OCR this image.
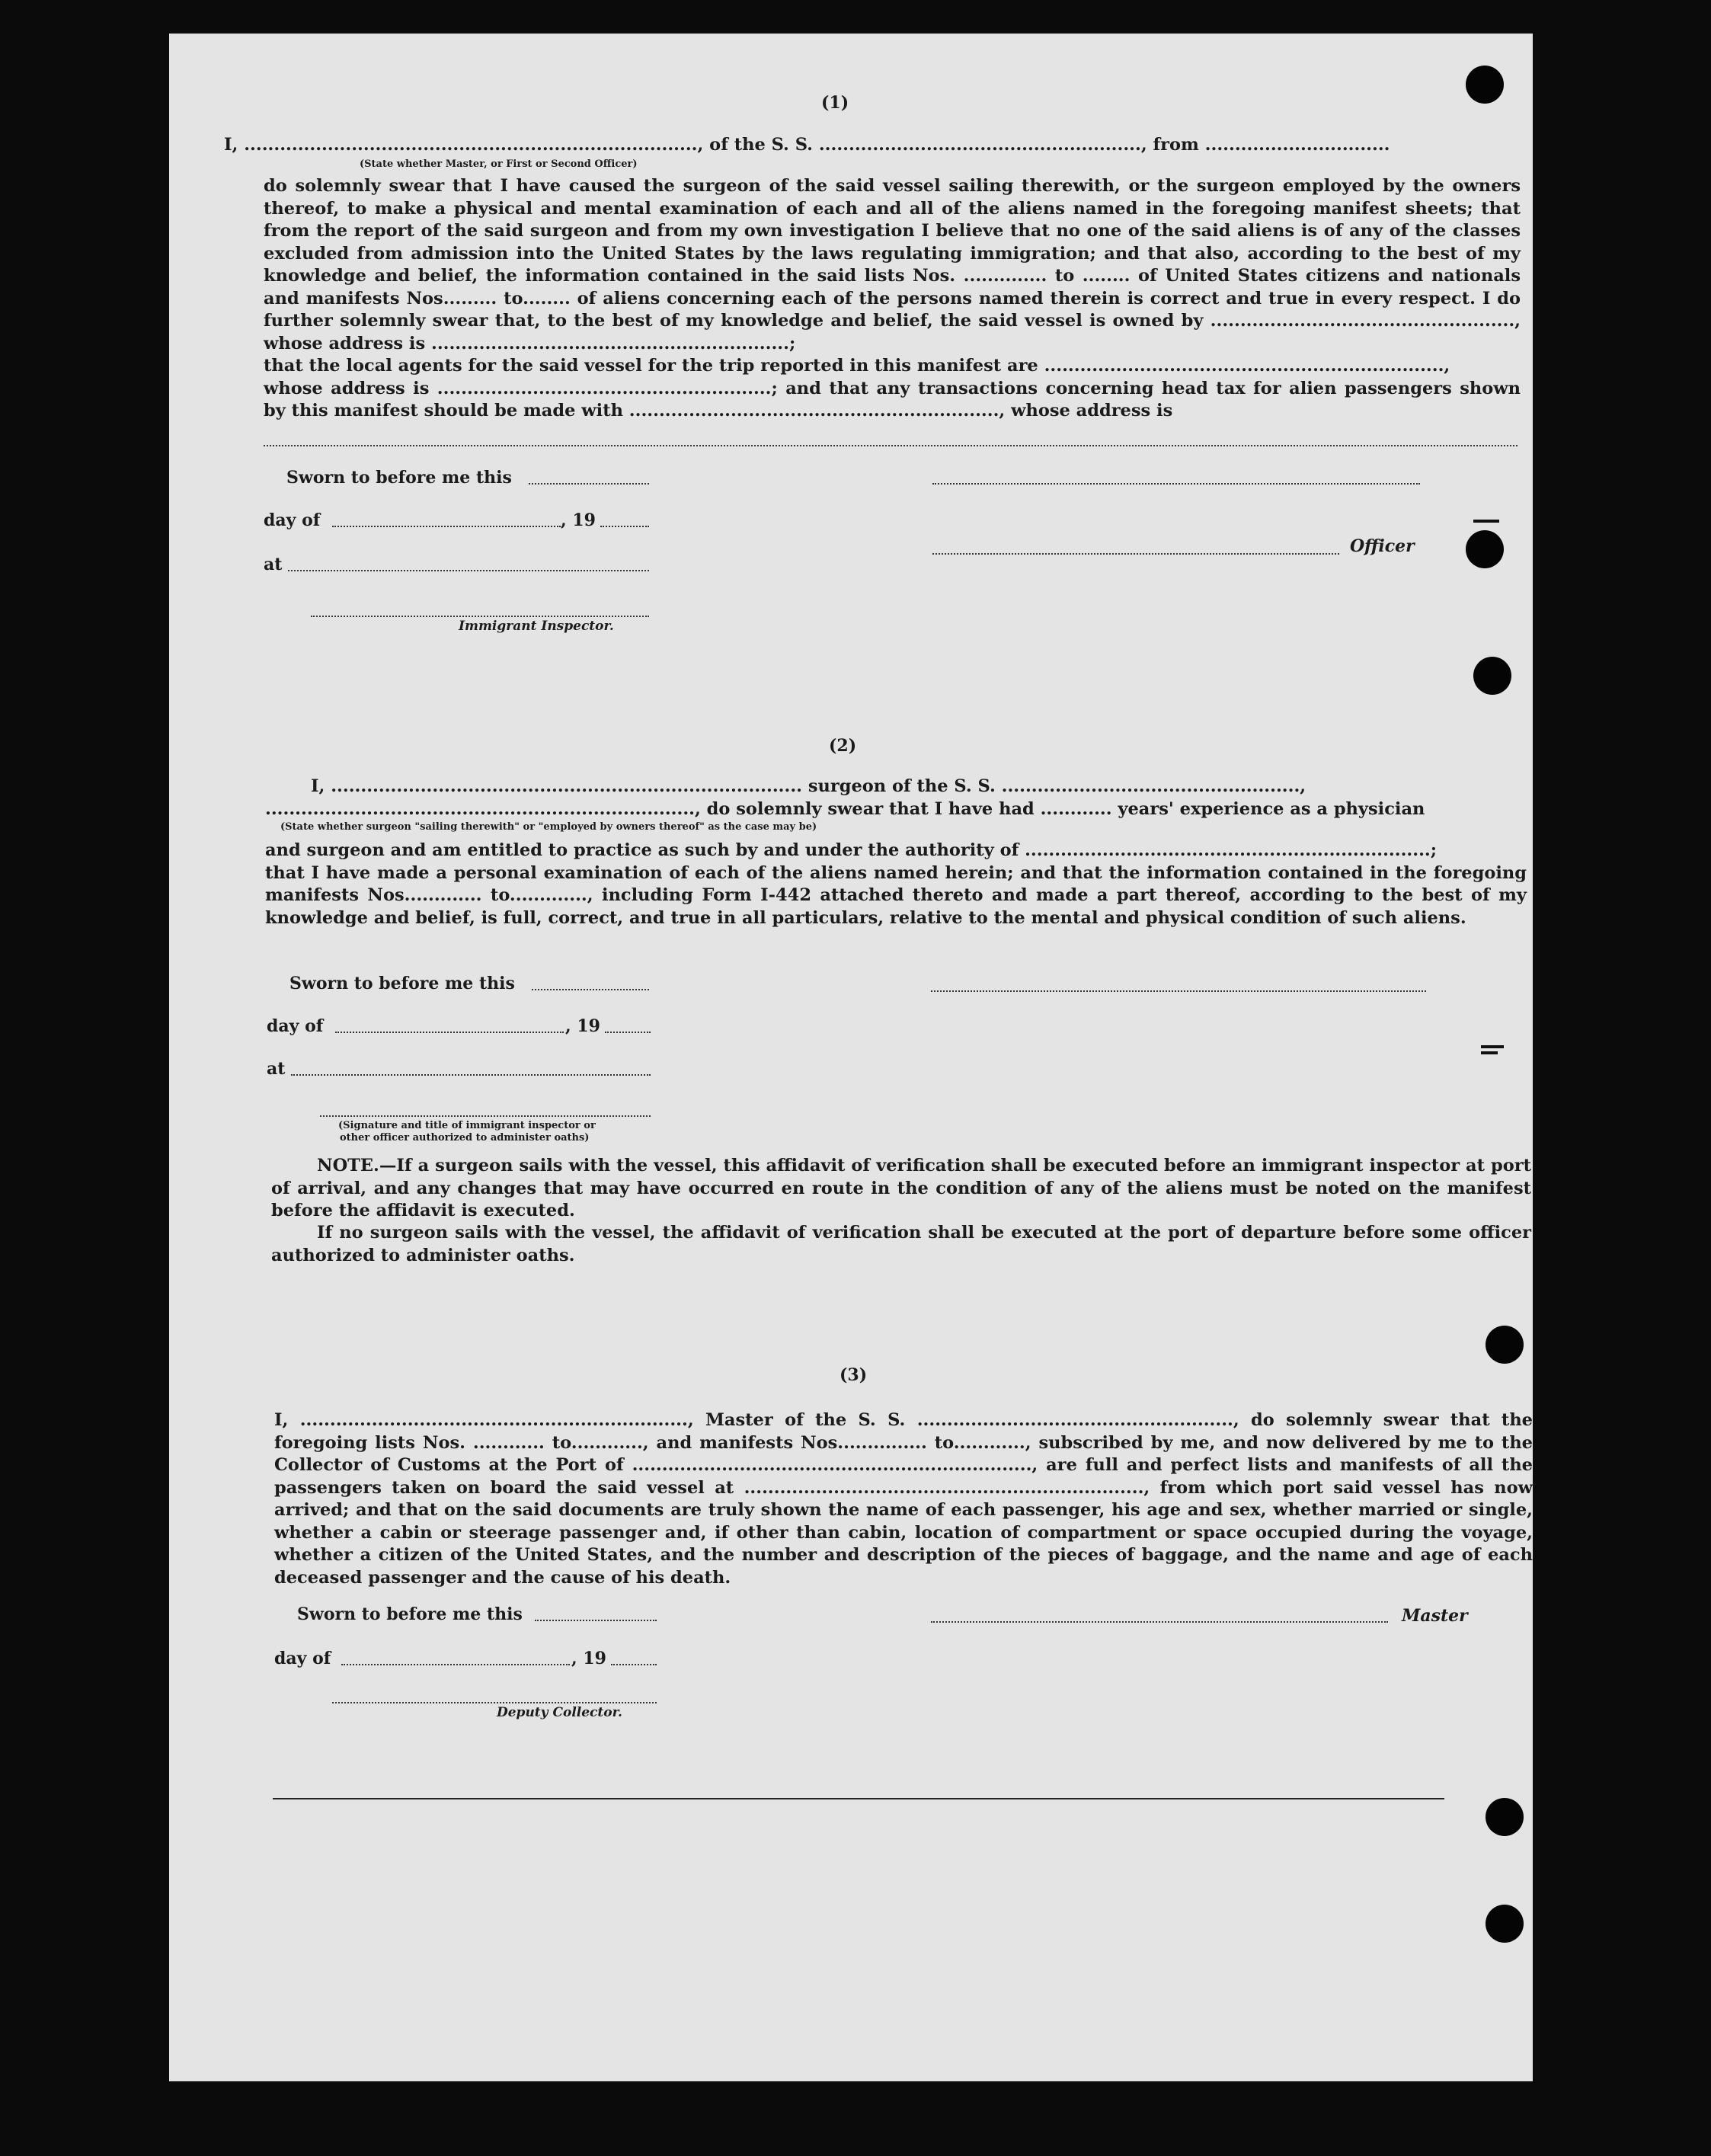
(1)
I, ............................................................................, of the S. S. ......................................................, from ...............................
(State whether Master, or First or Second Officer)
do solemnly swear that I have caused the surgeon of the said vessel sailing therewith, or the surgeon employed by the owners thereof, to make a physical and mental examination of each and all of the aliens named in the foregoing manifest sheets; that from the report of the said surgeon and from my own investigation I believe that no one of the said aliens is of any of the classes excluded from admission into the United States by the laws regulating immigration; and that also, according to the best of my knowledge and belief, the information contained in the said lists Nos. .............. to ........ of United States citizens and nationals and manifests Nos......... to........ of aliens concerning each of the persons named therein is correct and true in every respect. I do further solemnly swear that, to the best of my knowledge and belief, the said vessel is owned by ..................................................., whose address is ............................................................;
that the local agents for the said vessel for the trip reported in this manifest are ...................................................................,
whose address is ........................................................; and that any transactions concerning head tax for alien passengers shown by this manifest should be made with .............................................................., whose address is
Sworn to before me this
day of	, 19
Officer
at
Immigrant Inspector.
(2)
I, ............................................................................... surgeon of the S. S. ..................................................,
........................................................................, do solemnly swear that I have had ............ years' experience as a physician
(State whether surgeon "sailing therewith" or "employed by owners thereof" as the case may be)
and surgeon and am entitled to practice as such by and under the authority of ....................................................................;
that I have made a personal examination of each of the aliens named herein; and that the information contained in the foregoing manifests Nos............. to............., including Form I-442 attached thereto and made a part thereof, according to the best of my knowledge and belief, is full, correct, and true in all particulars, relative to the mental and physical condition of such aliens.
Sworn to before me this
day of	, 19
at
(Signature and title of immigrant inspector or
other officer authorized to administer oaths)
NOTE.—If a surgeon sails with the vessel, this affidavit of verification shall be executed before an immigrant inspector at port of arrival, and any changes that may have occurred en route in the condition of any of the aliens must be noted on the manifest before the affidavit is executed.
If no surgeon sails with the vessel, the affidavit of verification shall be executed at the port of departure before some officer authorized to administer oaths.
(3)
I, ................................................................., Master of the S. S. ....................................................., do solemnly swear that the foregoing lists Nos. ............ to............, and manifests Nos............... to............, subscribed by me, and now delivered by me to the Collector of Customs at the Port of ..................................................................., are full and perfect lists and manifests of all the passengers taken on board the said vessel at ..................................................................., from which port said vessel has now arrived; and that on the said documents are truly shown the name of each passenger, his age and sex, whether married or single, whether a cabin or steerage passenger and, if other than cabin, location of compartment or space occupied during the voyage, whether a citizen of the United States, and the number and description of the pieces of baggage, and the name and age of each deceased passenger and the cause of his death.
Sworn to before me this	Master
day of	, 19
Deputy Collector.
